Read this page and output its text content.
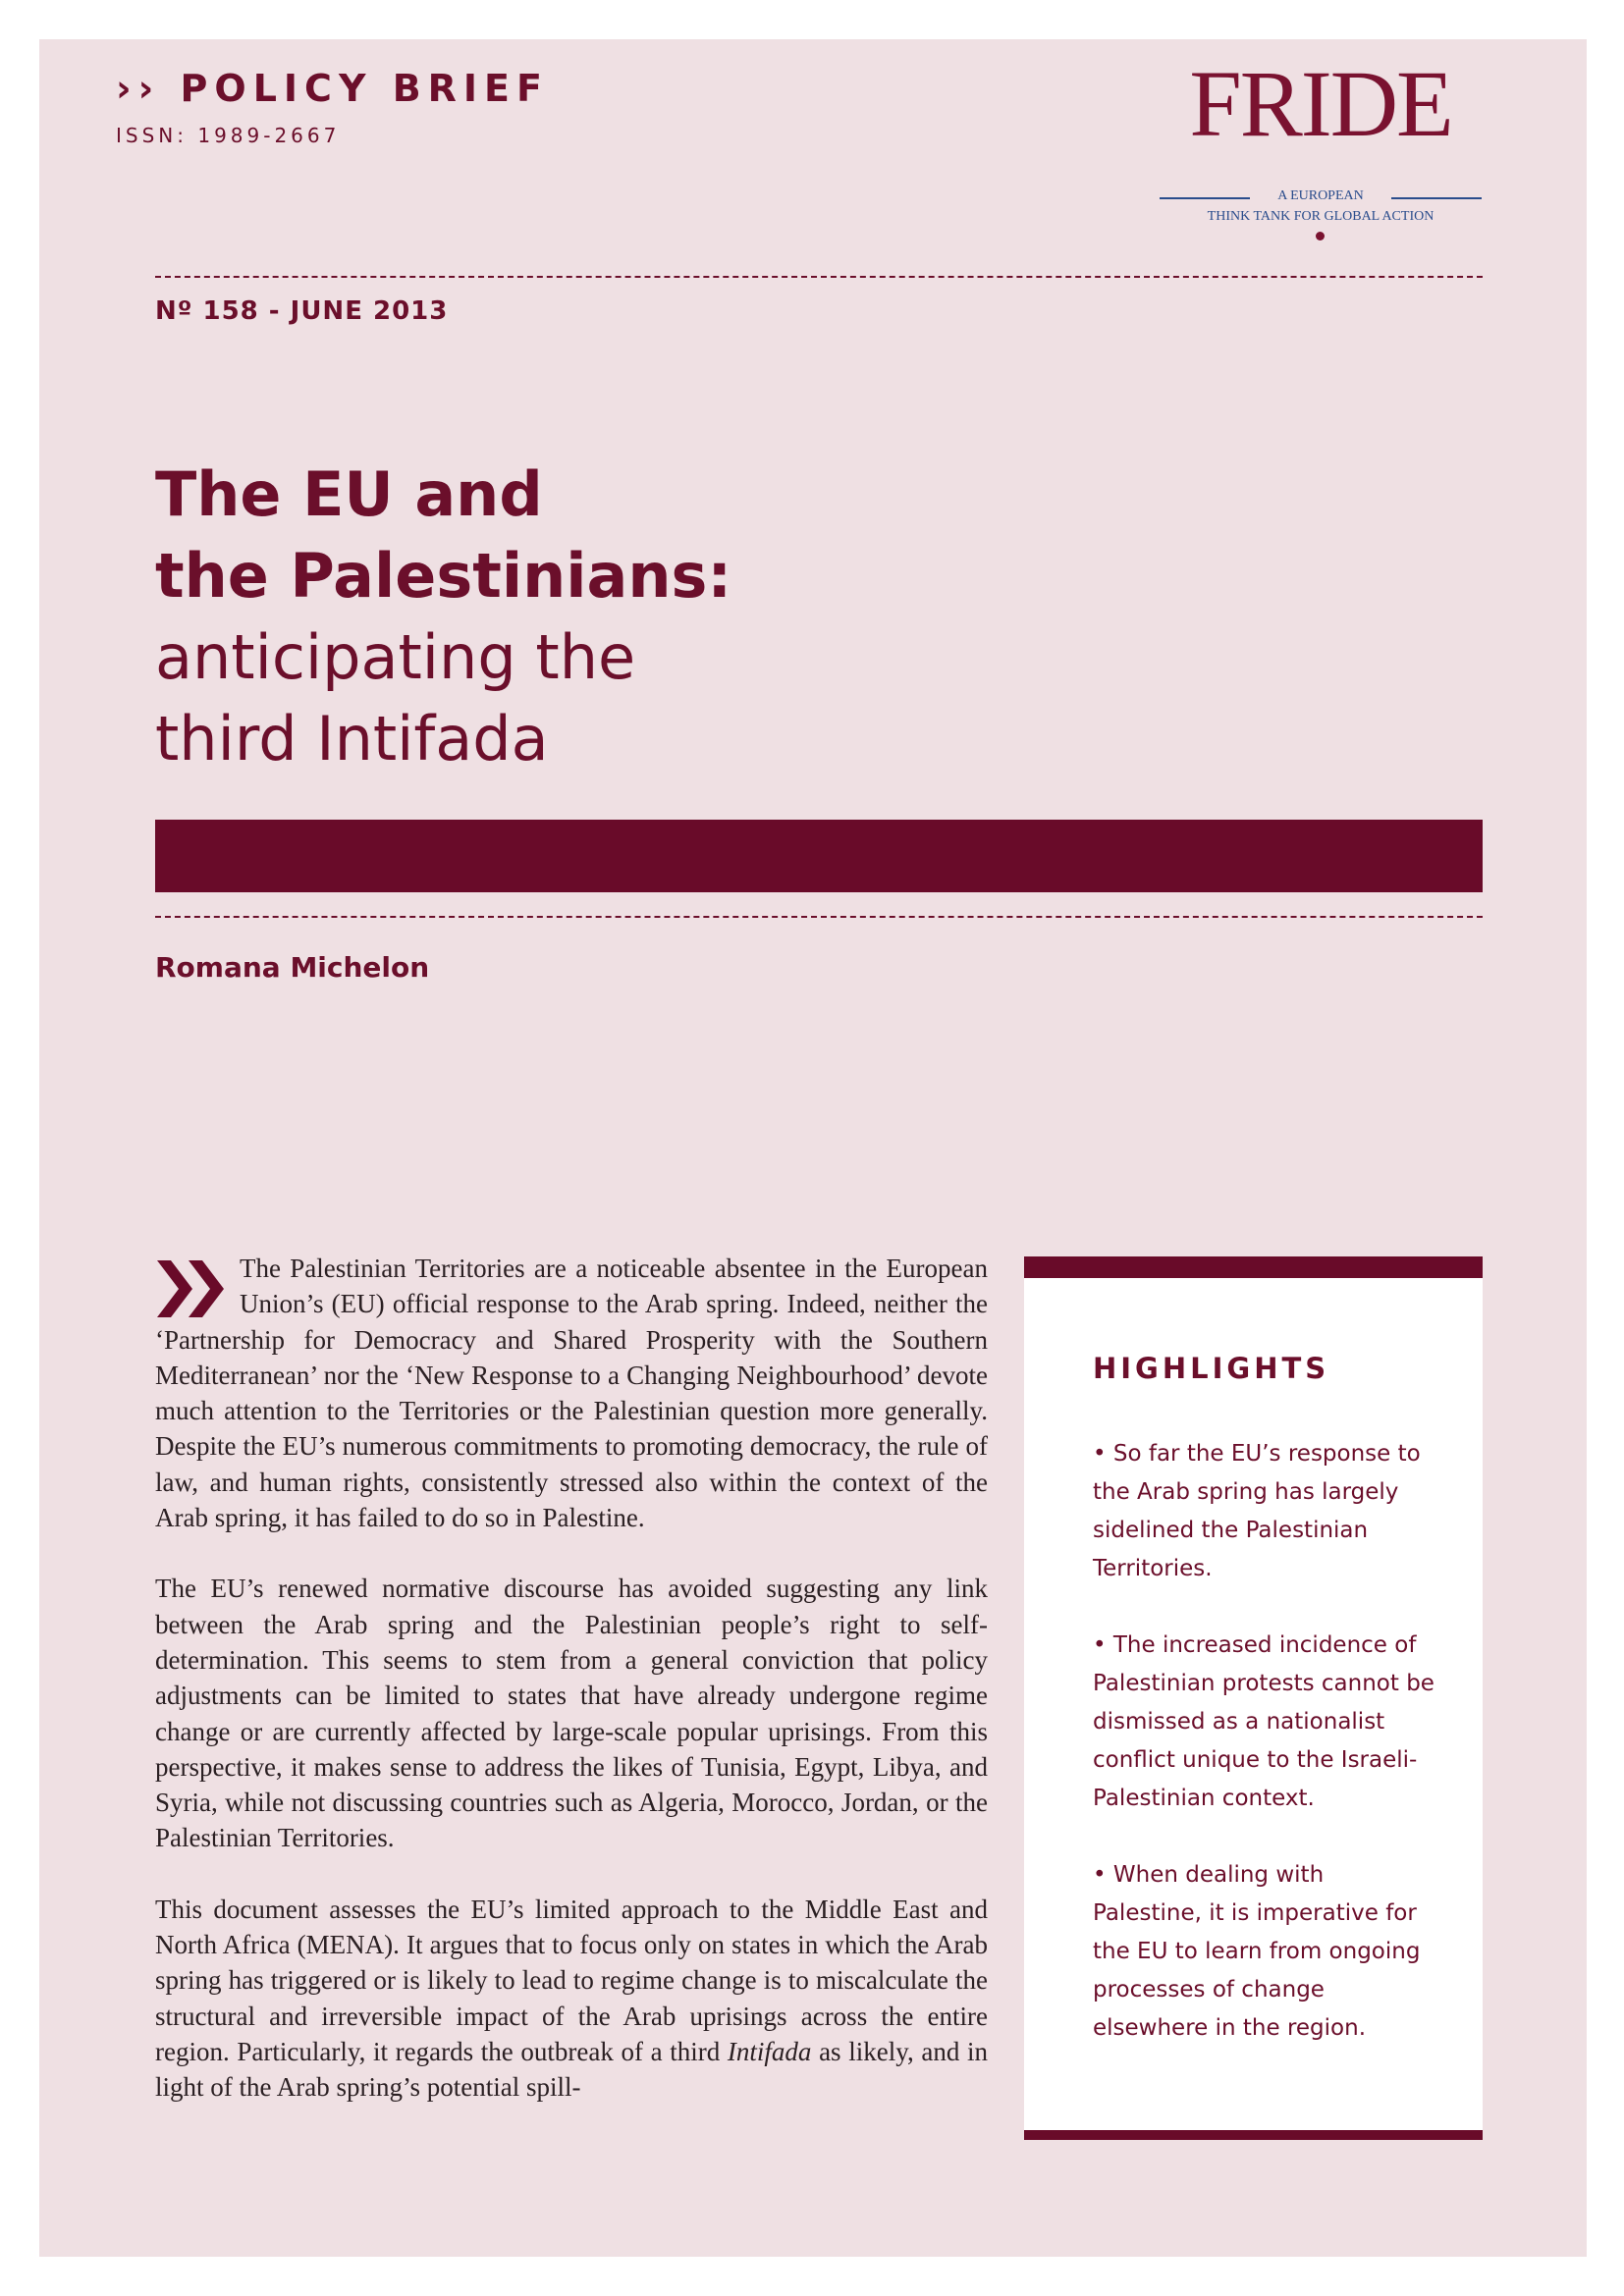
›› POLICY BRIEF
ISSN: 1989-2667	FRIDE
A EUROPEAN
THINK TANK FOR GLOBAL ACTION
Nº 158 - JUNE 2013
The EU and
the Palestinians:
anticipating the
third Intifada
Romana Michelon

The Palestinian Territories are a noticeable absentee in the European Union’s (EU) official response to the Arab spring. Indeed, neither the ‘Partnership for Democracy and Shared Prosperity with the Southern Mediterranean’ nor the ‘New Response to a Changing Neighbourhood’ devote much attention to the Territories or the Palestinian question more generally. Despite the EU’s numerous commitments to promoting democracy, the rule of law, and human rights, consistently stressed also within the context of the Arab spring, it has failed to do so in Palestine.

The EU’s renewed normative discourse has avoided suggesting any link between the Arab spring and the Palestinian people’s right to self-determination. This seems to stem from a general conviction that policy adjustments can be limited to states that have already undergone regime change or are currently affected by large-scale popular uprisings. From this perspective, it makes sense to address the likes of Tunisia, Egypt, Libya, and Syria, while not discussing countries such as Algeria, Morocco, Jordan, or the Palestinian Territories.

This document assesses the EU’s limited approach to the Middle East and North Africa (MENA). It argues that to focus only on states in which the Arab spring has triggered or is likely to lead to regime change is to miscalculate the structural and irreversible impact of the Arab uprisings across the entire region. Particularly, it regards the outbreak of a third Intifada as likely, and in light of the Arab spring’s potential spill-

HIGHLIGHTS
• So far the EU’s response to the Arab spring has largely sidelined the Palestinian Territories.
• The increased incidence of Palestinian protests cannot be dismissed as a nationalist conflict unique to the Israeli-Palestinian context.
• When dealing with Palestine, it is imperative for the EU to learn from ongoing processes of change elsewhere in the region.
